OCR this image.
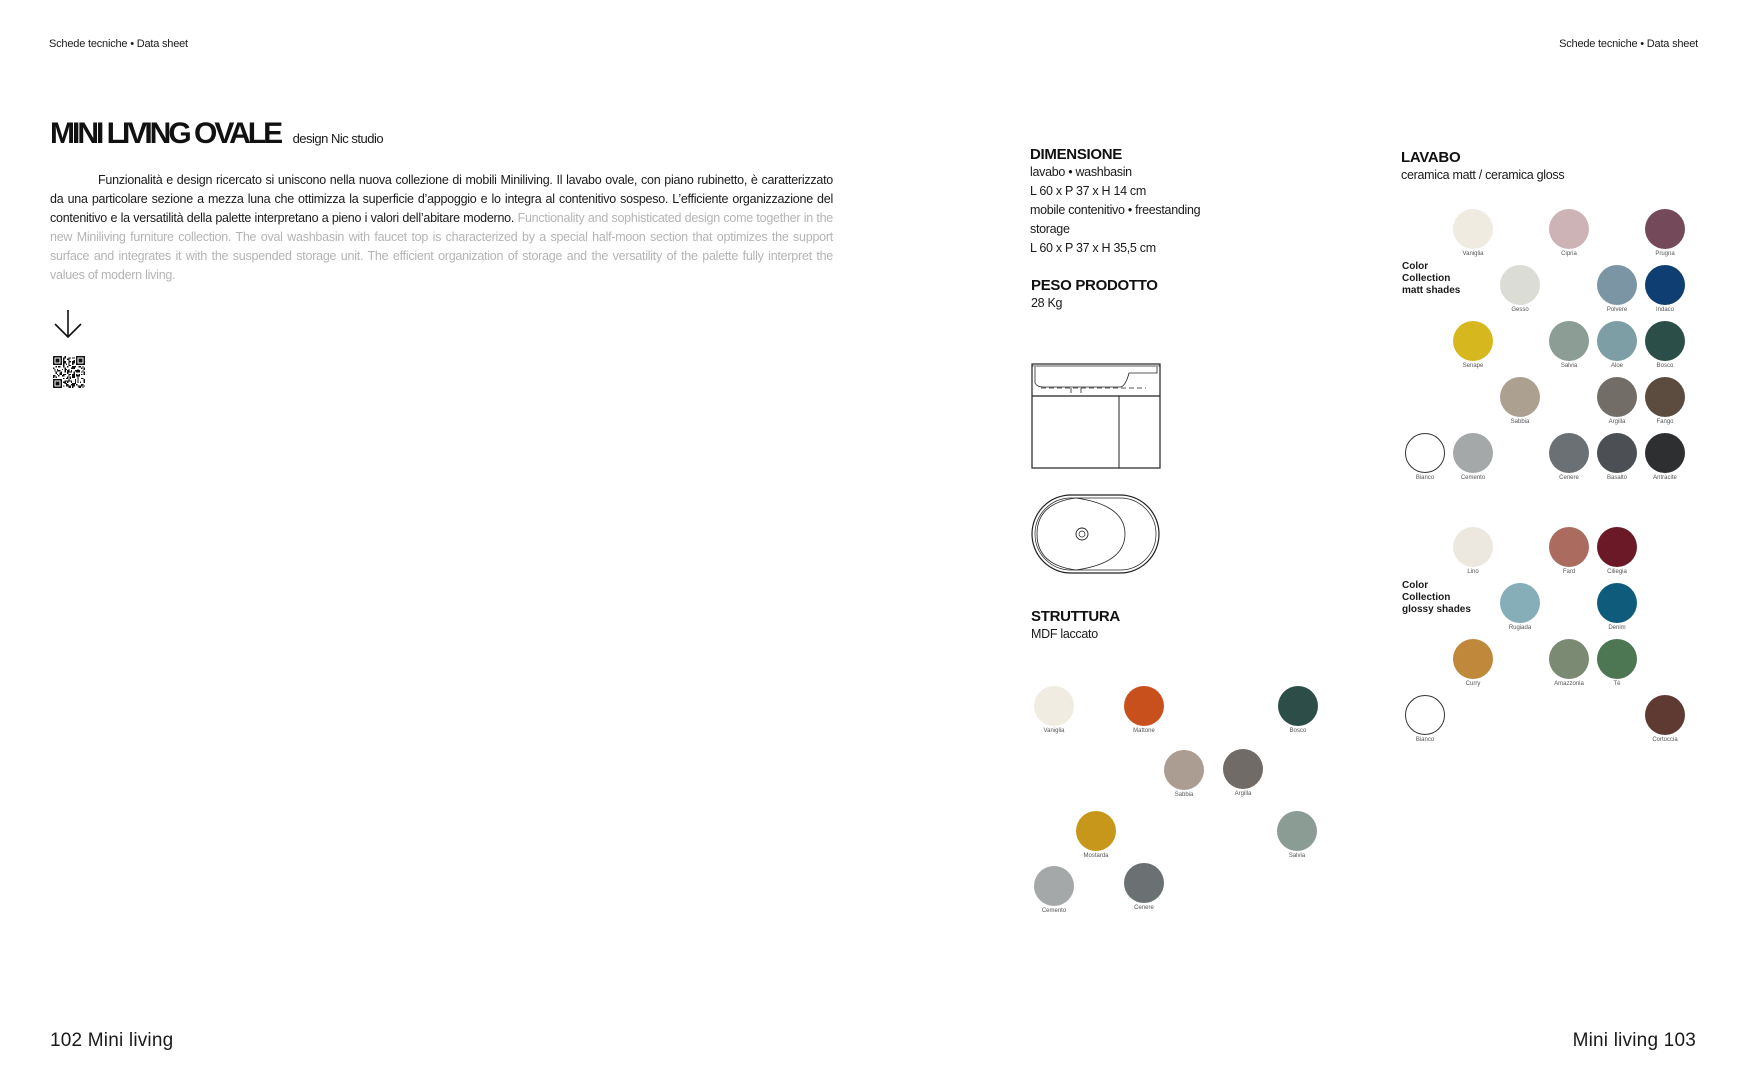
Schede tecniche • Data sheet	Schede tecniche • Data sheet
MINI LIVING OVALE design Nic studio
Funzionalità e design ricercato si uniscono nella nuova collezione di mobili Miniliving. Il lavabo ovale, con piano rubinetto, è caratterizzato da una particolare sezione a mezza luna che ottimizza la superficie d’appoggio e lo integra al contenitivo sospeso. L’efficiente organizzazione del contenitivo e la versatilità della palette interpretano a pieno i valori dell’abitare moderno. Functionality and sophisticated design come together in the new Miniliving furniture collection. The oval washbasin with faucet top is characterized by a special half-moon section that optimizes the support surface and integrates it with the suspended storage unit. The efficient organization of storage and the versatility of the palette fully interpret the values of modern living.
DIMENSIONE
lavabo • washbasin
L 60 x P 37 x H 14 cm
mobile contenitivo • freestanding
storage
L 60 x P 37 x H 35,5 cm
PESO PRODOTTO
28 Kg
STRUTTURA
MDF laccato
Vaniglia	Mattone	Bosco
Sabbia	Argilla
Mostarda	Salvia
Cemento	Cenere
LAVABO
ceramica matt / ceramica gloss
Color Collection matt shades
Color Collection glossy shades
Vaniglia	Cipria	Prugna
Gesso	Polvere	Indaco
Senape	Salvia	Aloe	Bosco
Sabbia	Argilla	Fango
Bianco	Cemento	Cenere	Basalto	Antracite
Lino	Fard	Ciliegia
Rugiada	Denim
Curry	Amazzonia	Tè
Bianco	Cortoccia
102 Mini living	Mini living 103
